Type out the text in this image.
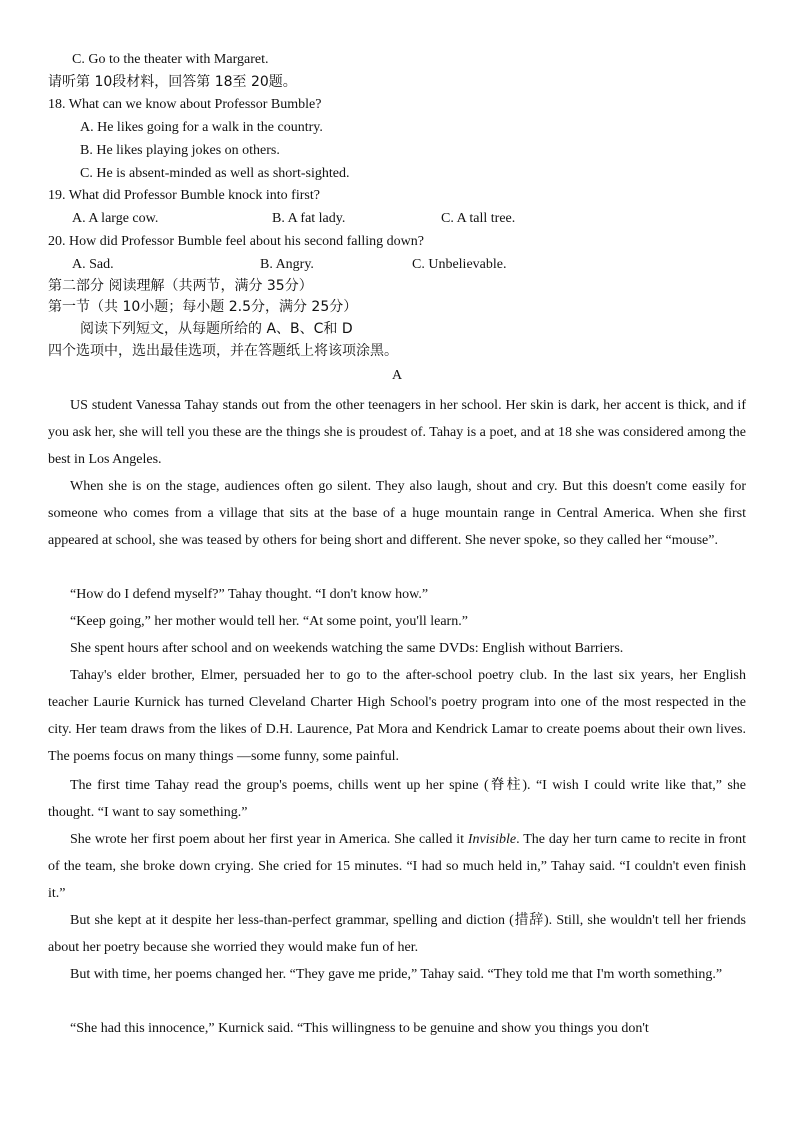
C. Go to the theater with Margaret.
请听第 10段材料，回答第 18至 20题。
18. What can we know about Professor Bumble?
A. He likes going for a walk in the country.
B. He likes playing jokes on others.
C. He is absent-minded as well as short-sighted.
19. What did Professor Bumble knock into first?
A. A large cow.	B. A fat lady.	C. A tall tree.
20. How did Professor Bumble feel about his second falling down?
A. Sad.	B. Angry.	C. Unbelievable.
第二部分 阅读理解（共两节，满分 35分）
第一节（共 10小题；每小题 2.5分，满分 25分）
阅读下列短文，从每题所给的 A、B、C和 D
四个选项中，选出最佳选项，并在答题纸上将该项涂黑。
A
US student Vanessa Tahay stands out from the other teenagers in her school. Her skin is dark, her accent is thick, and if you ask her, she will tell you these are the things she is proudest of. Tahay is a poet, and at 18 she was considered among the best in Los Angeles.
When she is on the stage, audiences often go silent. They also laugh, shout and cry. But this doesn't come easily for someone who comes from a village that sits at the base of a huge mountain range in Central America. When she first appeared at school, she was teased by others for being short and different. She never spoke, so they called her “mouse”.
“How do I defend myself?” Tahay thought. “I don't know how.”
“Keep going,” her mother would tell her. “At some point, you'll learn.”
She spent hours after school and on weekends watching the same DVDs: English without Barriers.
Tahay's elder brother, Elmer, persuaded her to go to the after-school poetry club. In the last six years, her English teacher Laurie Kurnick has turned Cleveland Charter High School's poetry program into one of the most respected in the city. Her team draws from the likes of D.H. Laurence, Pat Mora and Kendrick Lamar to create poems about their own lives. The poems focus on many things —some funny, some painful.
The first time Tahay read the group's poems, chills went up her spine (脊柱). “I wish I could write like that,” she thought. “I want to say something.”
She wrote her first poem about her first year in America. She called it Invisible. The day her turn came to recite in front of the team, she broke down crying. She cried for 15 minutes. “I had so much held in,” Tahay said. “I couldn't even finish it.”
But she kept at it despite her less-than-perfect grammar, spelling and diction (措辞). Still, she wouldn't tell her friends about her poetry because she worried they would make fun of her.
But with time, her poems changed her. “They gave me pride,” Tahay said. “They told me that I'm worth something.”
“She had this innocence,” Kurnick said. “This willingness to be genuine and show you things you don't
